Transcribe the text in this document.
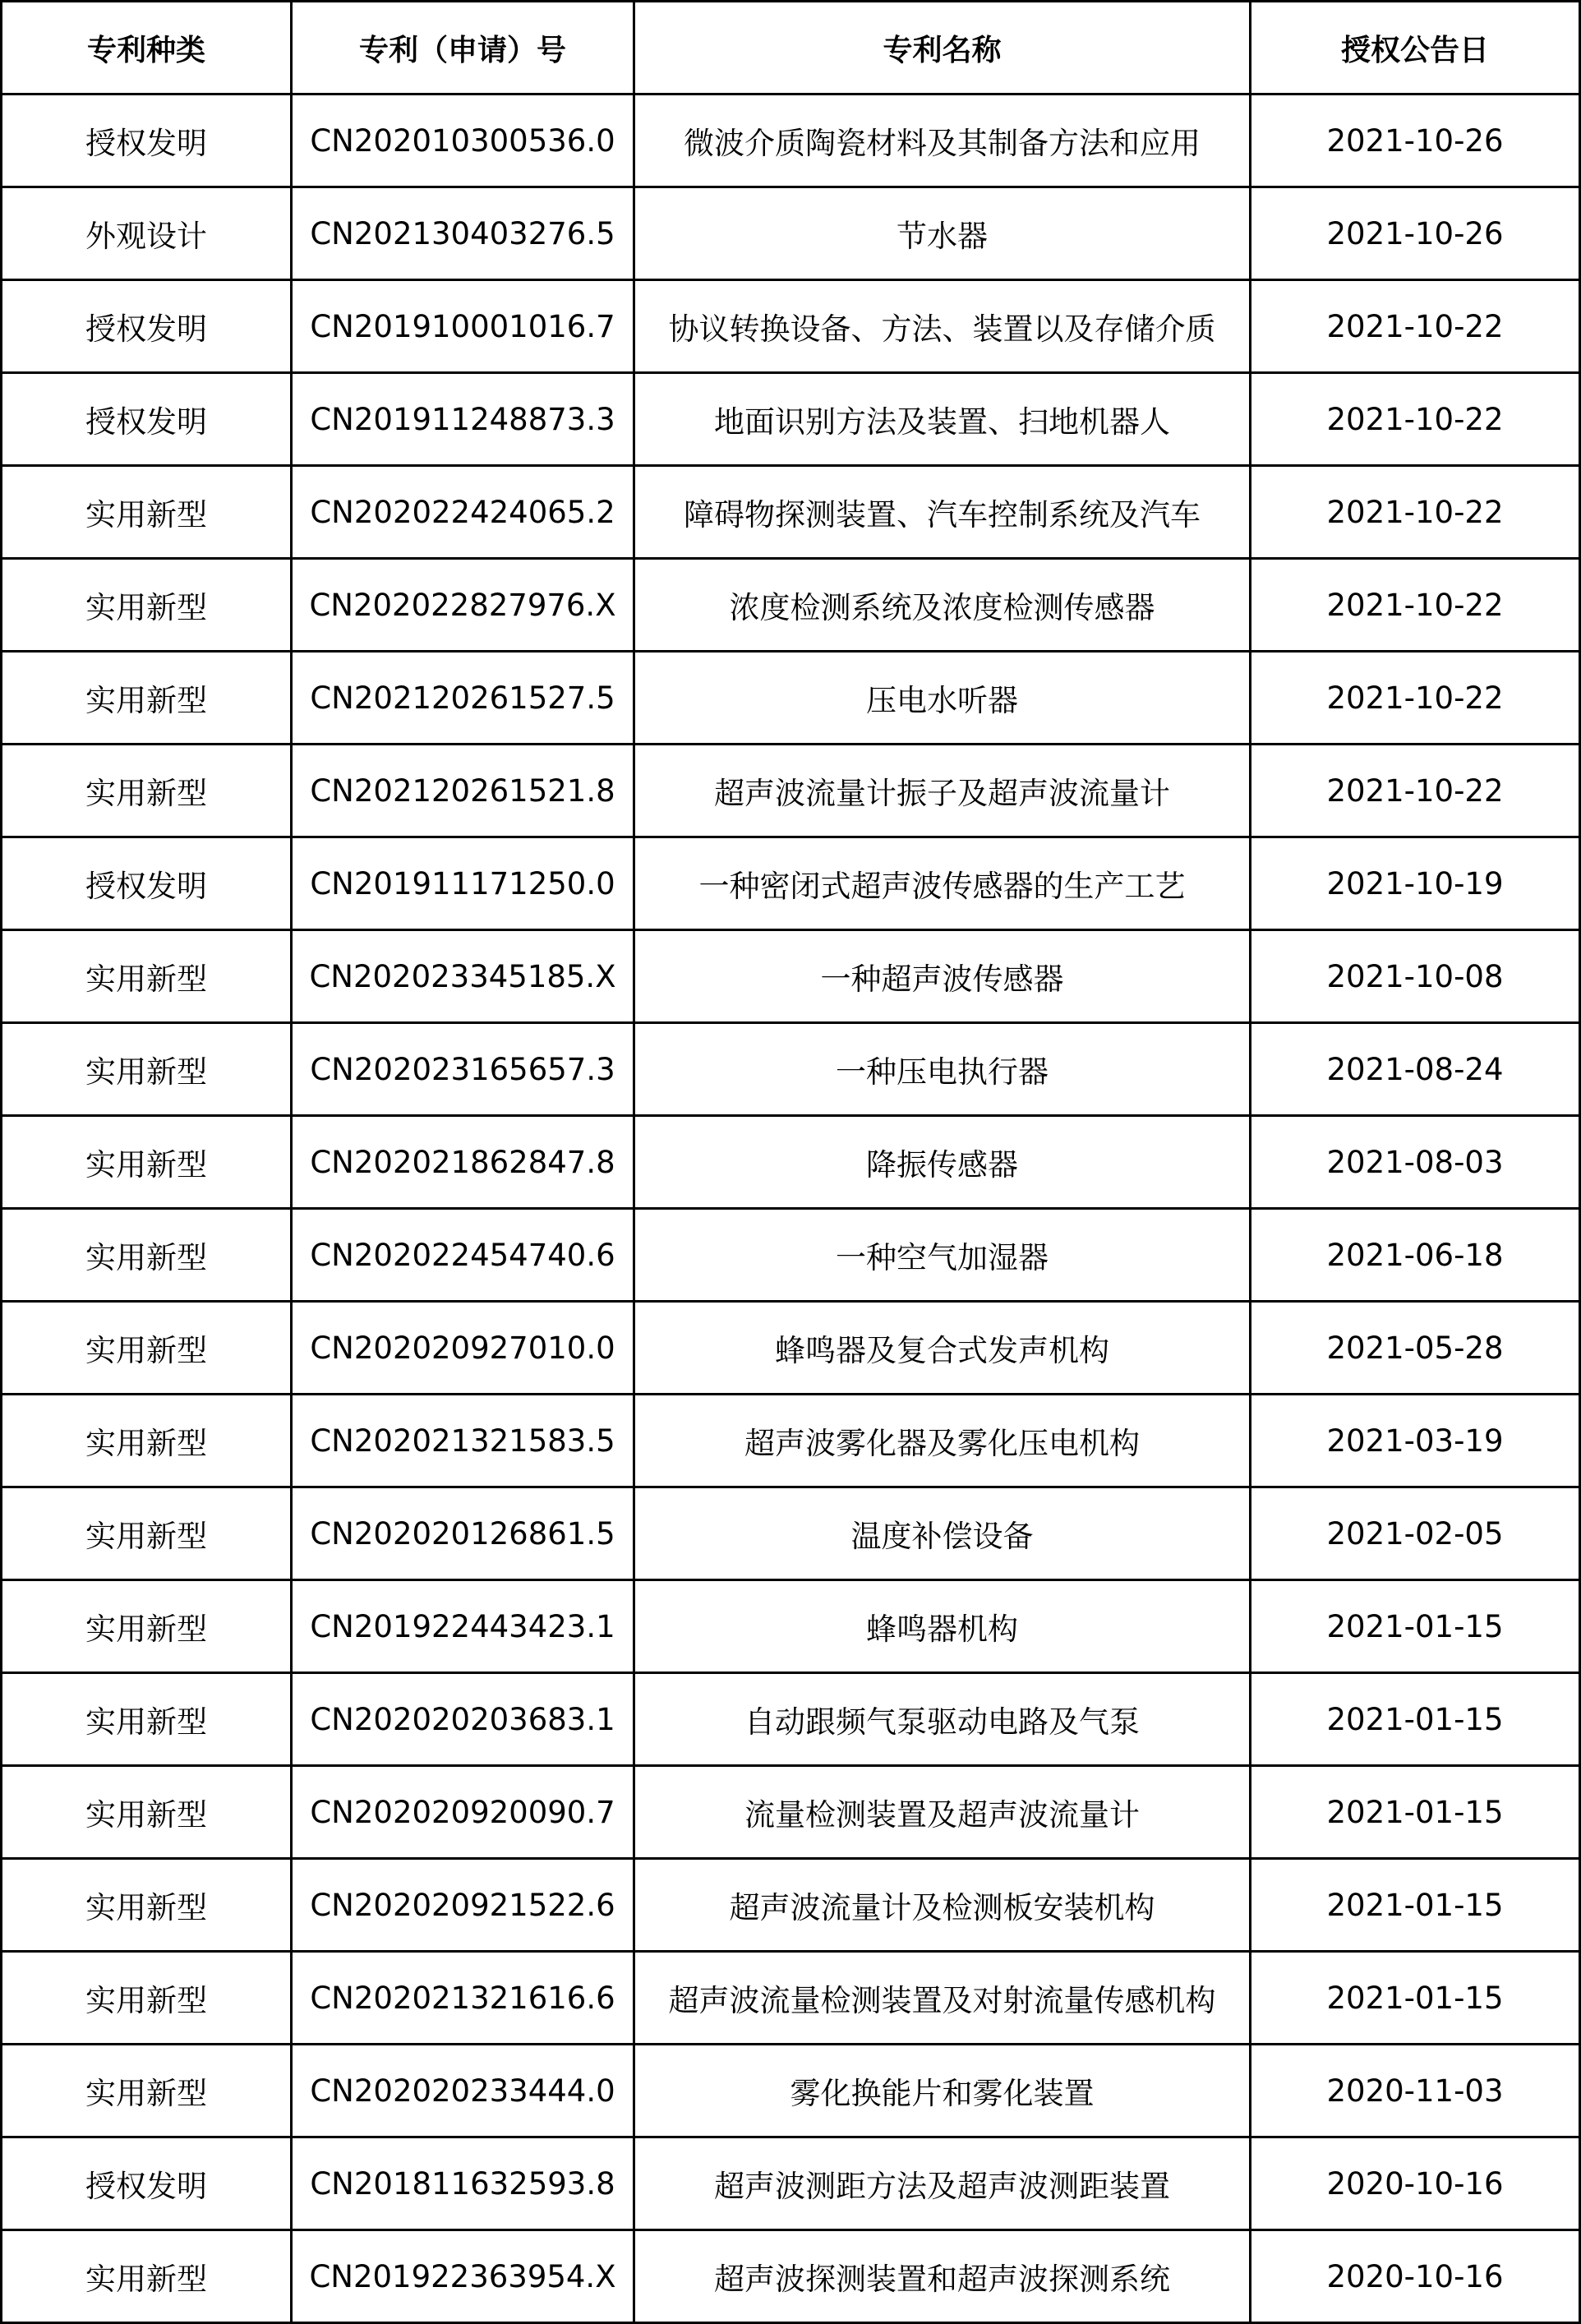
专利种类	专利（申请）号	专利名称	授权公告日
授权发明	CN202010300536.0	微波介质陶瓷材料及其制备方法和应用	2021-10-26
外观设计	CN202130403276.5	节水器	2021-10-26
授权发明	CN201910001016.7	协议转换设备、方法、装置以及存储介质	2021-10-22
授权发明	CN201911248873.3	地面识别方法及装置、扫地机器人	2021-10-22
实用新型	CN202022424065.2	障碍物探测装置、汽车控制系统及汽车	2021-10-22
实用新型	CN202022827976.X	浓度检测系统及浓度检测传感器	2021-10-22
实用新型	CN202120261527.5	压电水听器	2021-10-22
实用新型	CN202120261521.8	超声波流量计振子及超声波流量计	2021-10-22
授权发明	CN201911171250.0	一种密闭式超声波传感器的生产工艺	2021-10-19
实用新型	CN202023345185.X	一种超声波传感器	2021-10-08
实用新型	CN202023165657.3	一种压电执行器	2021-08-24
实用新型	CN202021862847.8	降振传感器	2021-08-03
实用新型	CN202022454740.6	一种空气加湿器	2021-06-18
实用新型	CN202020927010.0	蜂鸣器及复合式发声机构	2021-05-28
实用新型	CN202021321583.5	超声波雾化器及雾化压电机构	2021-03-19
实用新型	CN202020126861.5	温度补偿设备	2021-02-05
实用新型	CN201922443423.1	蜂鸣器机构	2021-01-15
实用新型	CN202020203683.1	自动跟频气泵驱动电路及气泵	2021-01-15
实用新型	CN202020920090.7	流量检测装置及超声波流量计	2021-01-15
实用新型	CN202020921522.6	超声波流量计及检测板安装机构	2021-01-15
实用新型	CN202021321616.6	超声波流量检测装置及对射流量传感机构	2021-01-15
实用新型	CN202020233444.0	雾化换能片和雾化装置	2020-11-03
授权发明	CN201811632593.8	超声波测距方法及超声波测距装置	2020-10-16
实用新型	CN201922363954.X	超声波探测装置和超声波探测系统	2020-10-16
